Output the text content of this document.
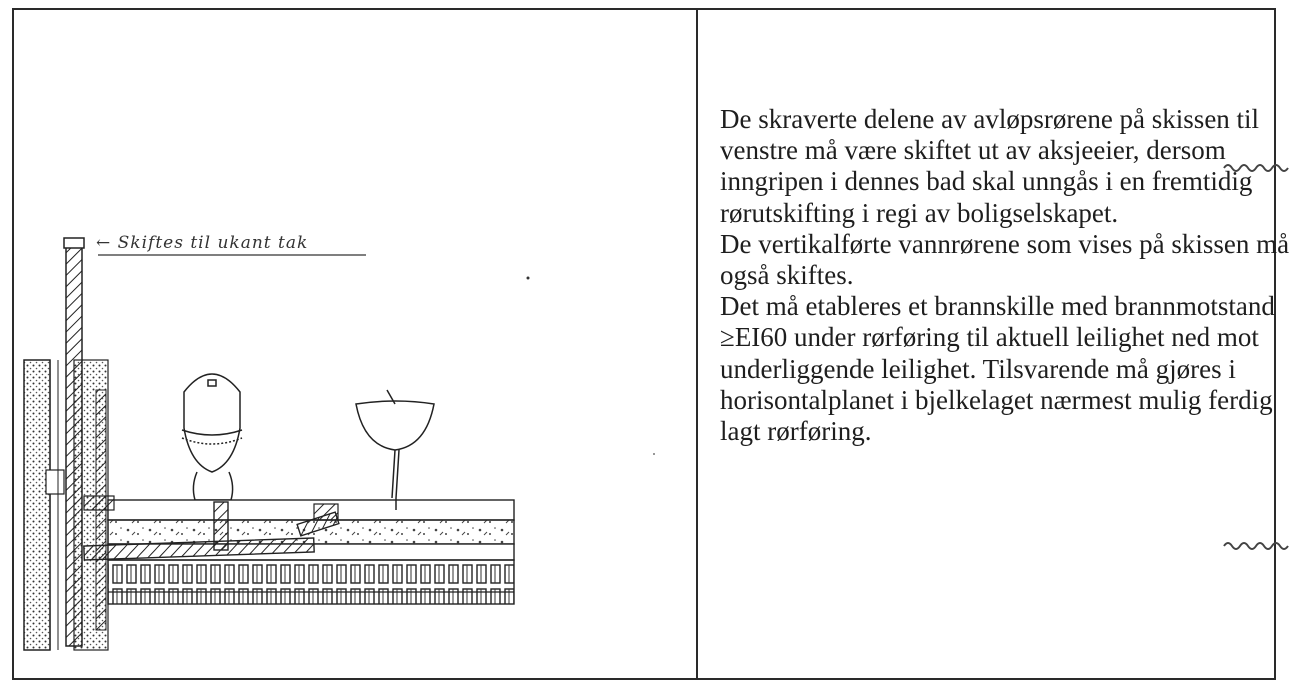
← Skiftes til ukant tak

De skraverte delene av avløpsrørene på skissen til venstre må være skiftet ut av aksjeeier, dersom inngripen i dennes bad skal unngås i en fremtidig rørutskifting i regi av boligselskapet.

De vertikalførte vannrørene som vises på skissen må også skiftes.

Det må etableres et brannskille med brannmotstand ≥EI60 under rørføring til aktuell leilighet ned mot underliggende leilighet. Tilsvarende må gjøres i horisontalplanet i bjelkelaget nærmest mulig ferdig lagt rørføring.
